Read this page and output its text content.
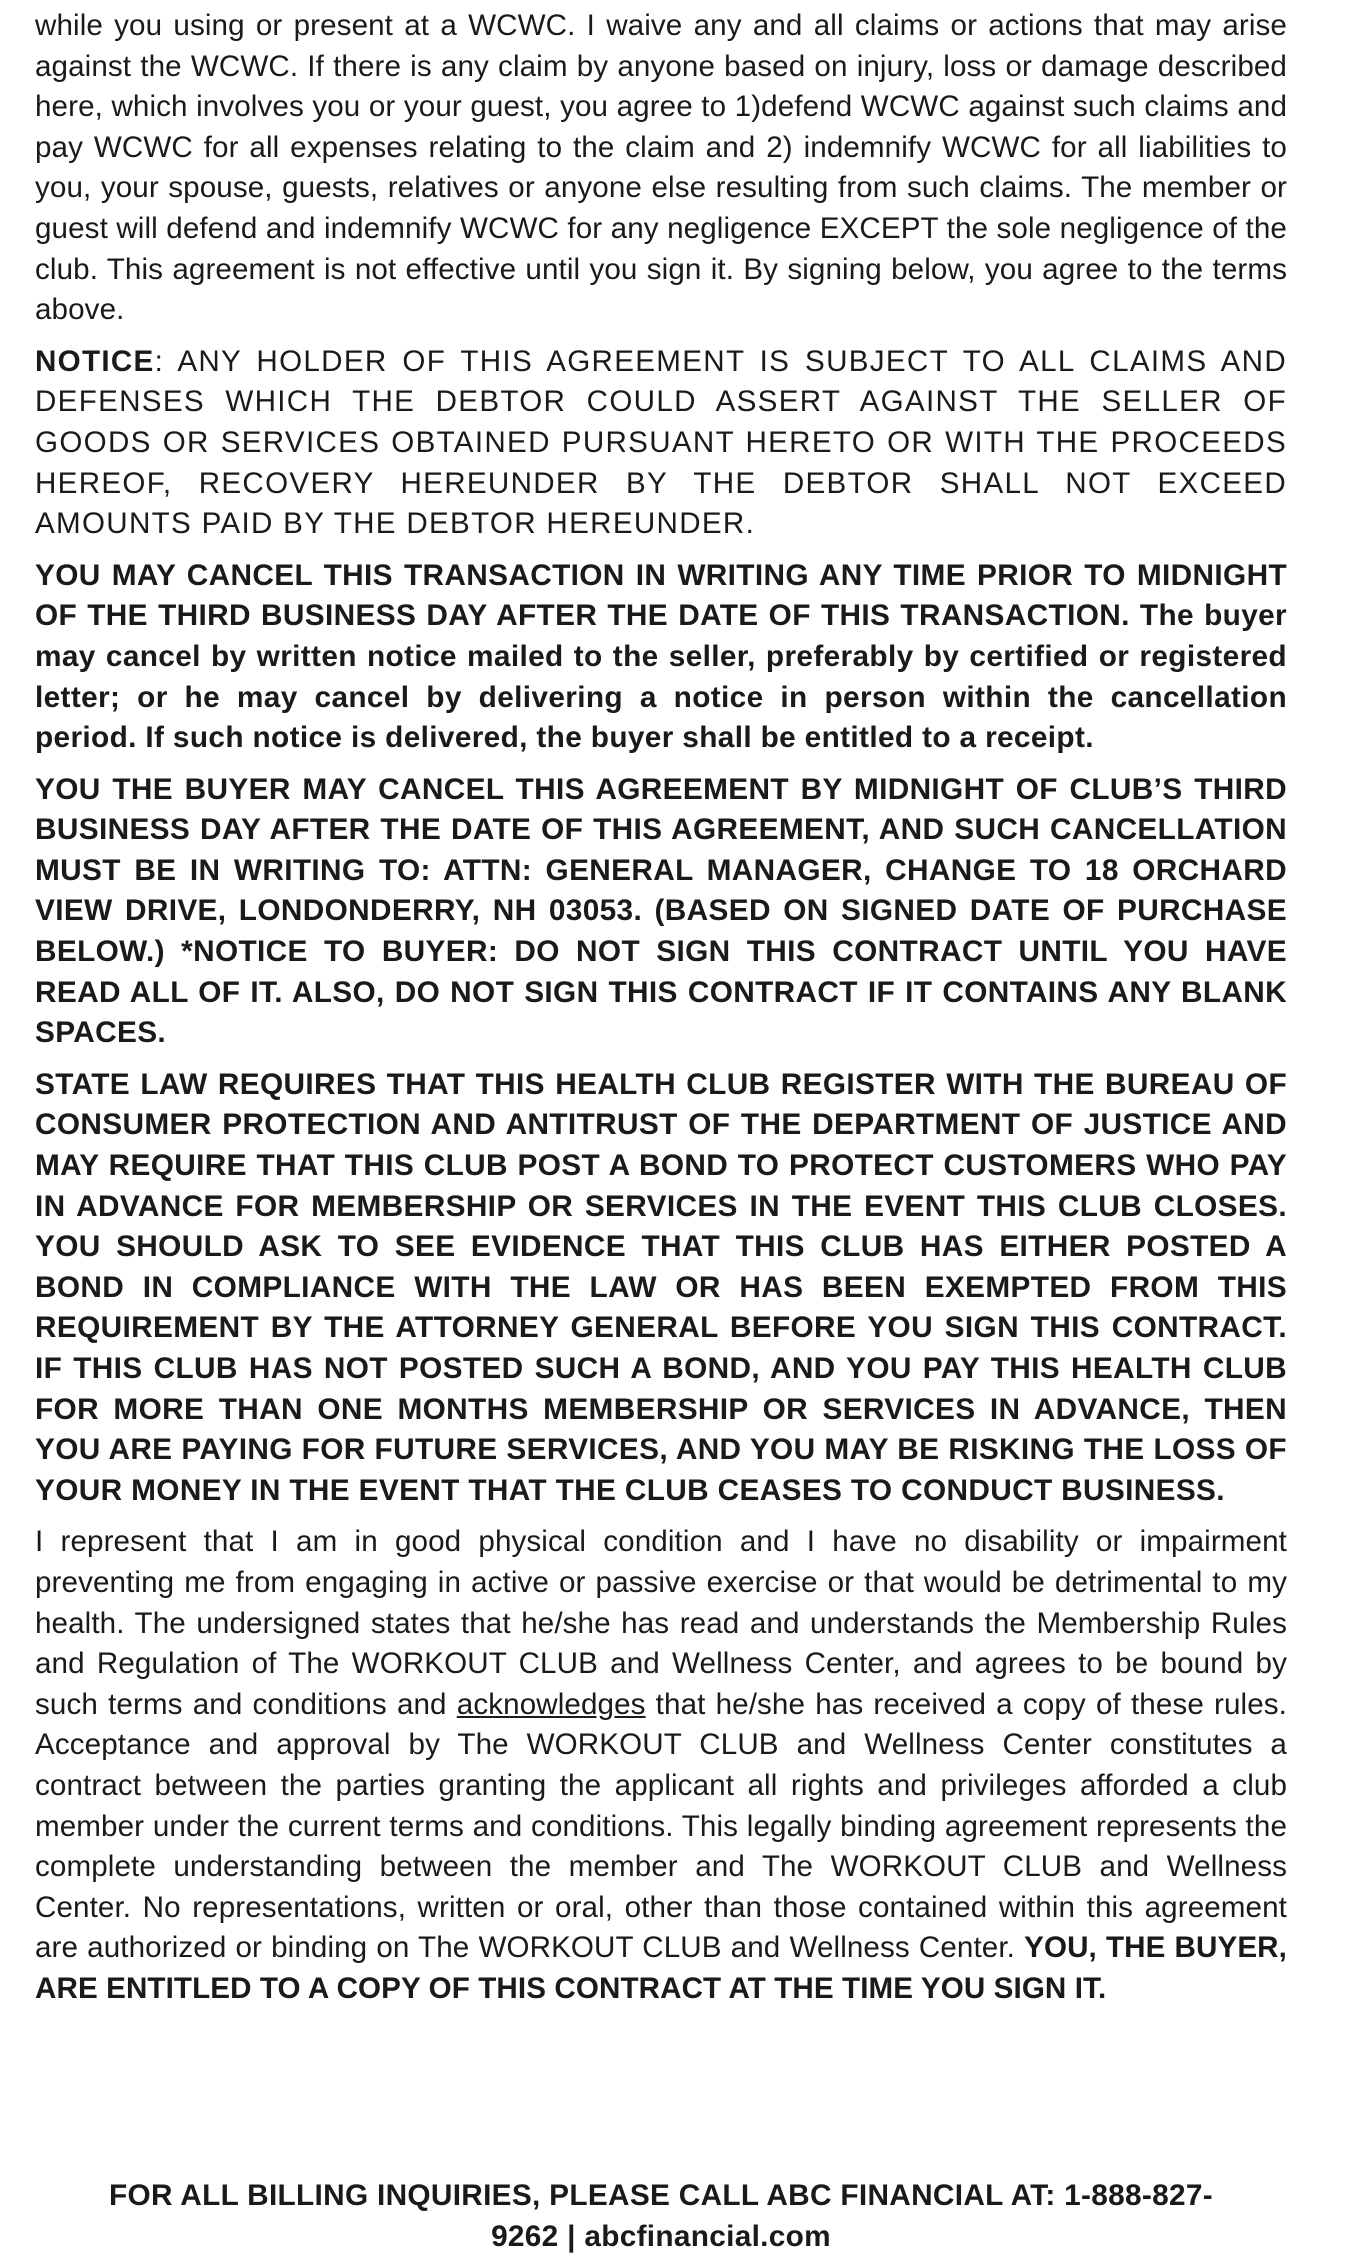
while you using or present at a WCWC. I waive any and all claims or actions that may arise against the WCWC. If there is any claim by anyone based on injury, loss or damage described here, which involves you or your guest, you agree to 1)defend WCWC against such claims and pay WCWC for all expenses relating to the claim and 2) indemnify WCWC for all liabilities to you, your spouse, guests, relatives or anyone else resulting from such claims. The member or guest will defend and indemnify WCWC for any negligence EXCEPT the sole negligence of the club. This agreement is not effective until you sign it. By signing below, you agree to the terms above.

NOTICE: ANY HOLDER OF THIS AGREEMENT IS SUBJECT TO ALL CLAIMS AND DEFENSES WHICH THE DEBTOR COULD ASSERT AGAINST THE SELLER OF GOODS OR SERVICES OBTAINED PURSUANT HERETO OR WITH THE PROCEEDS HEREOF, RECOVERY HEREUNDER BY THE DEBTOR SHALL NOT EXCEED AMOUNTS PAID BY THE DEBTOR HEREUNDER.

YOU MAY CANCEL THIS TRANSACTION IN WRITING ANY TIME PRIOR TO MIDNIGHT OF THE THIRD BUSINESS DAY AFTER THE DATE OF THIS TRANSACTION. The buyer may cancel by written notice mailed to the seller, preferably by certified or registered letter; or he may cancel by delivering a notice in person within the cancellation period. If such notice is delivered, the buyer shall be entitled to a receipt.

YOU THE BUYER MAY CANCEL THIS AGREEMENT BY MIDNIGHT OF CLUB’S THIRD BUSINESS DAY AFTER THE DATE OF THIS AGREEMENT, AND SUCH CANCELLATION MUST BE IN WRITING TO: ATTN: GENERAL MANAGER, CHANGE TO 18 ORCHARD VIEW DRIVE, LONDONDERRY, NH 03053. (BASED ON SIGNED DATE OF PURCHASE BELOW.) *NOTICE TO BUYER: DO NOT SIGN THIS CONTRACT UNTIL YOU HAVE READ ALL OF IT. ALSO, DO NOT SIGN THIS CONTRACT IF IT CONTAINS ANY BLANK SPACES.

STATE LAW REQUIRES THAT THIS HEALTH CLUB REGISTER WITH THE BUREAU OF CONSUMER PROTECTION AND ANTITRUST OF THE DEPARTMENT OF JUSTICE AND MAY REQUIRE THAT THIS CLUB POST A BOND TO PROTECT CUSTOMERS WHO PAY IN ADVANCE FOR MEMBERSHIP OR SERVICES IN THE EVENT THIS CLUB CLOSES. YOU SHOULD ASK TO SEE EVIDENCE THAT THIS CLUB HAS EITHER POSTED A BOND IN COMPLIANCE WITH THE LAW OR HAS BEEN EXEMPTED FROM THIS REQUIREMENT BY THE ATTORNEY GENERAL BEFORE YOU SIGN THIS CONTRACT. IF THIS CLUB HAS NOT POSTED SUCH A BOND, AND YOU PAY THIS HEALTH CLUB FOR MORE THAN ONE MONTHS MEMBERSHIP OR SERVICES IN ADVANCE, THEN YOU ARE PAYING FOR FUTURE SERVICES, AND YOU MAY BE RISKING THE LOSS OF YOUR MONEY IN THE EVENT THAT THE CLUB CEASES TO CONDUCT BUSINESS.

I represent that I am in good physical condition and I have no disability or impairment preventing me from engaging in active or passive exercise or that would be detrimental to my health. The undersigned states that he/she has read and understands the Membership Rules and Regulation of The WORKOUT CLUB and Wellness Center, and agrees to be bound by such terms and conditions and acknowledges that he/she has received a copy of these rules. Acceptance and approval by The WORKOUT CLUB and Wellness Center constitutes a contract between the parties granting the applicant all rights and privileges afforded a club member under the current terms and conditions. This legally binding agreement represents the complete understanding between the member and The WORKOUT CLUB and Wellness Center. No representations, written or oral, other than those contained within this agreement are authorized or binding on The WORKOUT CLUB and Wellness Center. YOU, THE BUYER, ARE ENTITLED TO A COPY OF THIS CONTRACT AT THE TIME YOU SIGN IT.

FOR ALL BILLING INQUIRIES, PLEASE CALL ABC FINANCIAL AT: 1-888-827-
9262 | abcfinancial.com
